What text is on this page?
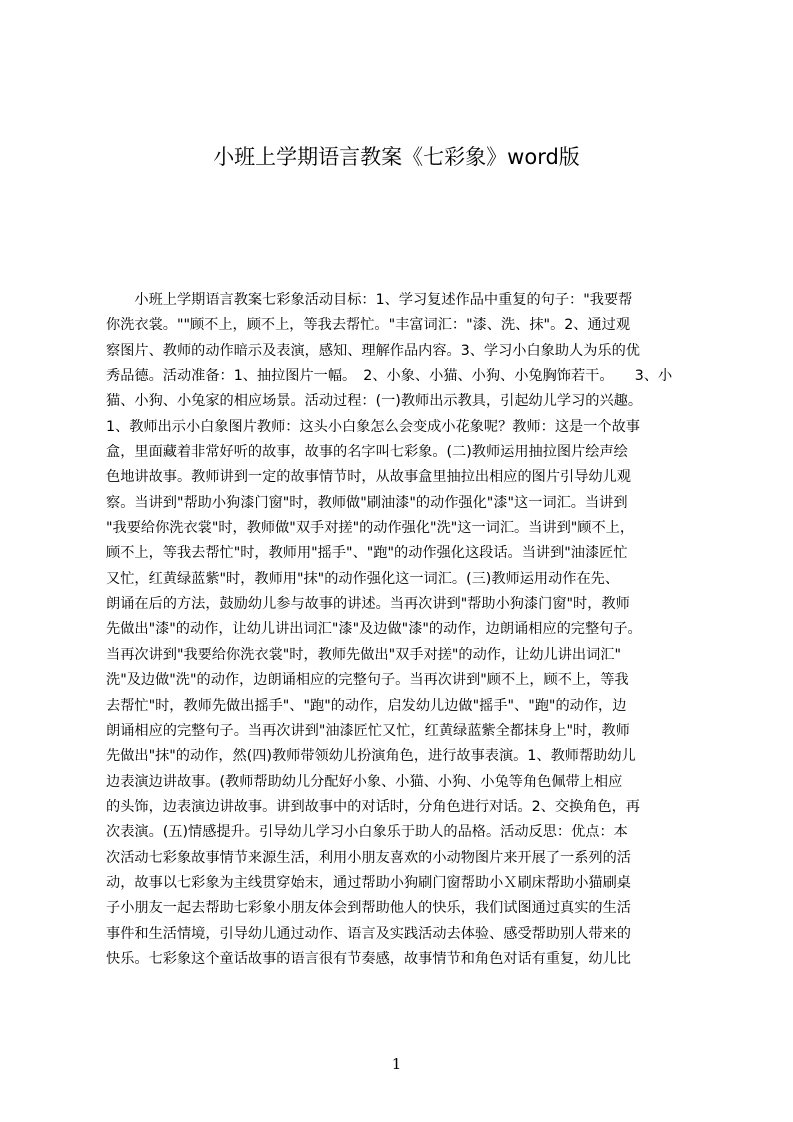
小班上学期语言教案《七彩象》word版
　　小班上学期语言教案七彩象活动目标：1、学习复述作品中重复的句子："我要帮
你洗衣裳。""顾不上，顾不上，等我去帮忙。"丰富词汇："漆、洗、抹"。2、通过观
察图片、教师的动作暗示及表演，感知、理解作品内容。3、学习小白象助人为乐的优
秀品德。活动准备：1、抽拉图片一幅。　2、小象、小猫、小狗、小兔胸饰若干。　　3、小
猫、小狗、小兔家的相应场景。活动过程：(一)教师出示教具，引起幼儿学习的兴趣。
1、教师出示小白象图片教师：这头小白象怎么会变成小花象呢？教师：这是一个故事
盒，里面藏着非常好听的故事，故事的名字叫七彩象。(二)教师运用抽拉图片绘声绘
色地讲故事。教师讲到一定的故事情节时，从故事盒里抽拉出相应的图片引导幼儿观
察。当讲到"帮助小狗漆门窗"时，教师做"刷油漆"的动作强化"漆"这一词汇。当讲到
"我要给你洗衣裳"时，教师做"双手对搓"的动作强化"洗"这一词汇。当讲到"顾不上，
顾不上，等我去帮忙"时，教师用"摇手"、"跑"的动作强化这段话。当讲到"油漆匠忙
又忙，红黄绿蓝紫"时，教师用"抹"的动作强化这一词汇。(三)教师运用动作在先、
朗诵在后的方法，鼓励幼儿参与故事的讲述。当再次讲到"帮助小狗漆门窗"时，教师
先做出"漆"的动作，让幼儿讲出词汇"漆"及边做"漆"的动作，边朗诵相应的完整句子。
当再次讲到"我要给你洗衣裳"时，教师先做出"双手对搓"的动作，让幼儿讲出词汇"
洗"及边做"洗"的动作，边朗诵相应的完整句子。当再次讲到"顾不上，顾不上，等我
去帮忙"时，教师先做出摇手"、"跑"的动作，启发幼儿边做"摇手"、"跑"的动作，边
朗诵相应的完整句子。当再次讲到"油漆匠忙又忙，红黄绿蓝紫全都抹身上"时，教师
先做出"抹"的动作，然(四)教师带领幼儿扮演角色，进行故事表演。1、教师帮助幼儿
边表演边讲故事。(教师帮助幼儿分配好小象、小猫、小狗、小兔等角色佩带上相应
的头饰，边表演边讲故事。讲到故事中的对话时，分角色进行对话。2、交换角色，再
次表演。(五)情感提升。引导幼儿学习小白象乐于助人的品格。活动反思：优点：本
次活动七彩象故事情节来源生活，利用小朋友喜欢的小动物图片来开展了一系列的活
动，故事以七彩象为主线贯穿始末，通过帮助小狗刷门窗帮助小Ｘ刷床帮助小猫刷桌
子小朋友一起去帮助七彩象小朋友体会到帮助他人的快乐，我们试图通过真实的生活
事件和生活情境，引导幼儿通过动作、语言及实践活动去体验、感受帮助别人带来的
快乐。七彩象这个童话故事的语言很有节奏感，故事情节和角色对话有重复，幼儿比
1
